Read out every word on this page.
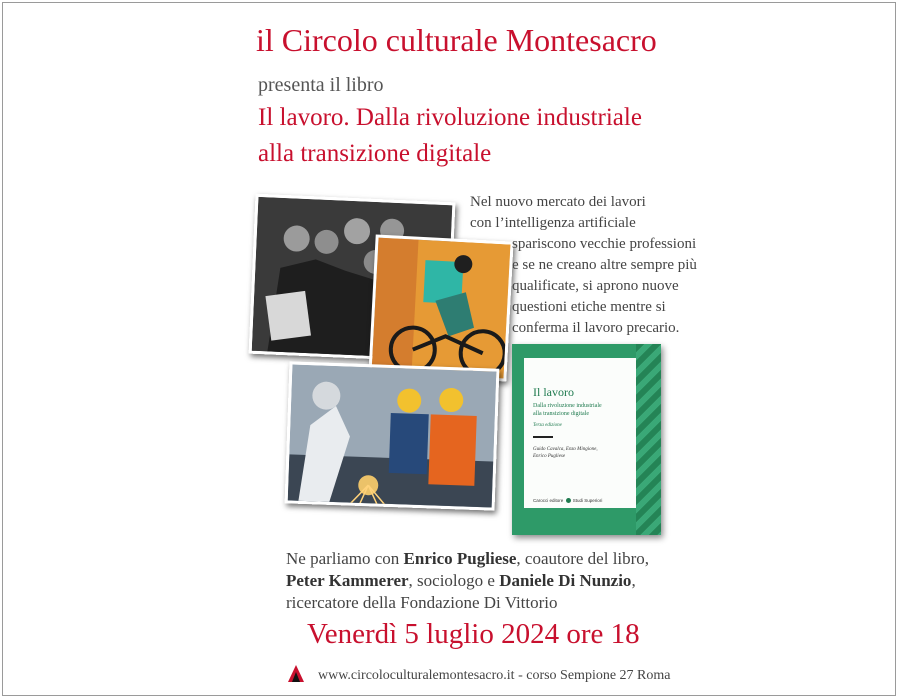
il Circolo culturale Montesacro
presenta il libro
Il lavoro. Dalla rivoluzione industriale
alla transizione digitale
Il lavoro
Dalla rivoluzione industriale
alla transizione digitale
Terza edizione
Guido Cavalca, Enzo Mingione,
Enrico Pugliese
Carocci editore Studi Superiori
Nel nuovo mercato dei lavori
con l’intelligenza artificiale
spariscono vecchie professioni
e se ne creano altre sempre più
qualificate, si aprono nuove
questioni etiche mentre si
conferma il lavoro precario.
Ne parliamo con Enrico Pugliese, coautore del libro,
Peter Kammerer, sociologo e Daniele Di Nunzio,
ricercatore della Fondazione Di Vittorio
Venerdì 5 luglio 2024 ore 18
www.circoloculturalemontesacro.it - corso Sempione 27 Roma
